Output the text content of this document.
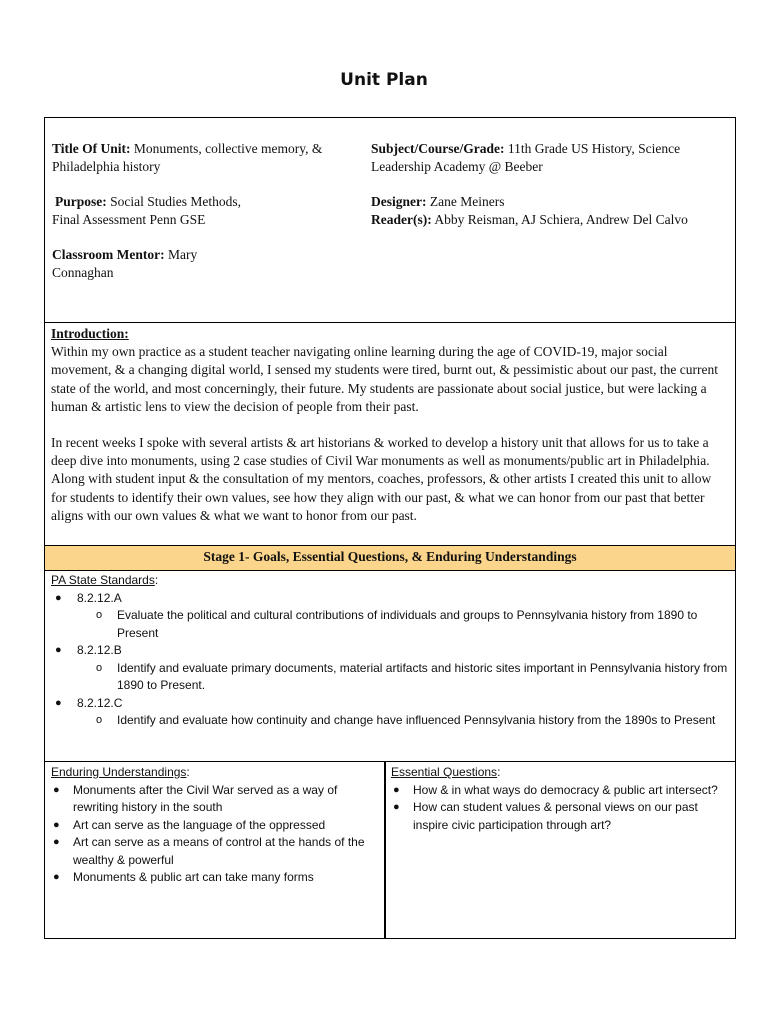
Unit Plan
Title Of Unit: Monuments, collective memory, & Philadelphia history
Purpose: Social Studies Methods, Final Assessment Penn GSE
Classroom Mentor: Mary Connaghan
Subject/Course/Grade: 11th Grade US History, Science Leadership Academy @ Beeber
Designer: Zane Meiners
Reader(s): Abby Reisman, AJ Schiera, Andrew Del Calvo
Introduction:

Within my own practice as a student teacher navigating online learning during the age of COVID-19, major social movement, & a changing digital world, I sensed my students were tired, burnt out, & pessimistic about our past, the current state of the world, and most concerningly, their future. My students are passionate about social justice, but were lacking a human & artistic lens to view the decision of people from their past.

In recent weeks I spoke with several artists & art historians & worked to develop a history unit that allows for us to take a deep dive into monuments, using 2 case studies of Civil War monuments as well as monuments/public art in Philadelphia. Along with student input & the consultation of my mentors, coaches, professors, & other artists I created this unit to allow for students to identify their own values, see how they align with our past, & what we can honor from our past that better aligns with our own values & what we want to honor from our past.

Stage 1- Goals, Essential Questions, & Enduring Understandings
PA State Standards:
● 8.2.12.A
o Evaluate the political and cultural contributions of individuals and groups to Pennsylvania history from 1890 to Present
● 8.2.12.B
o Identify and evaluate primary documents, material artifacts and historic sites important in Pennsylvania history from 1890 to Present.
● 8.2.12.C
o Identify and evaluate how continuity and change have influenced Pennsylvania history from the 1890s to Present
Enduring Understandings:
● Monuments after the Civil War served as a way of rewriting history in the south
● Art can serve as the language of the oppressed
● Art can serve as a means of control at the hands of the wealthy & powerful
● Monuments & public art can take many forms
Essential Questions:
● How & in what ways do democracy & public art intersect?
● How can student values & personal views on our past inspire civic participation through art?
